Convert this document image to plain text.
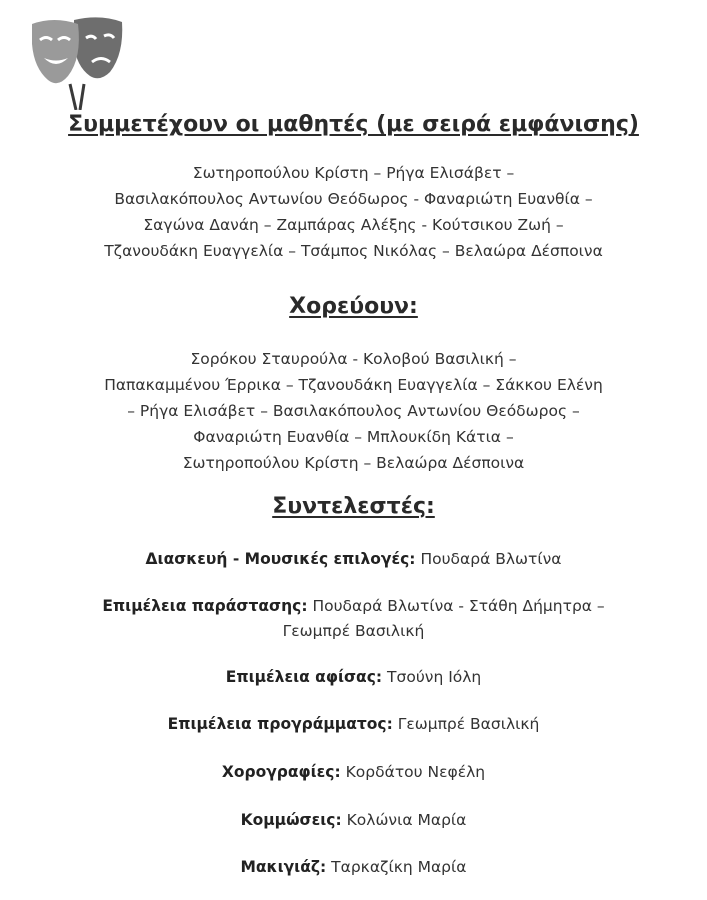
Συμμετέχουν οι μαθητές (με σειρά εμφάνισης)
Σωτηροπούλου Κρίστη – Ρήγα Ελισάβετ –
Βασιλακόπουλος Αντωνίου Θεόδωρος - Φαναριώτη Ευανθία –
Σαγώνα Δανάη – Ζαμπάρας Αλέξης - Κούτσικου Ζωή –
Τζανουδάκη Ευαγγελία – Τσάμπος Νικόλας – Βελαώρα Δέσποινα
Χορεύουν:
Σορόκου Σταυρούλα - Κολοβού Βασιλική –
Παπακαμμένου Έρρικα – Τζανουδάκη Ευαγγελία – Σάκκου Ελένη
– Ρήγα Ελισάβετ – Βασιλακόπουλος Αντωνίου Θεόδωρος –
Φαναριώτη Ευανθία – Μπλουκίδη Κάτια –
Σωτηροπούλου Κρίστη – Βελαώρα Δέσποινα
Συντελεστές:
Διασκευή - Μουσικές επιλογές: Πουδαρά Βλωτίνα
Επιμέλεια παράστασης: Πουδαρά Βλωτίνα - Στάθη Δήμητρα –
Γεωμπρέ Βασιλική
Επιμέλεια αφίσας: Τσούνη Ιόλη
Επιμέλεια προγράμματος: Γεωμπρέ Βασιλική
Χορογραφίες: Κορδάτου Νεφέλη
Κομμώσεις: Κολώνια Μαρία
Μακιγιάζ: Ταρκαζίκη Μαρία
